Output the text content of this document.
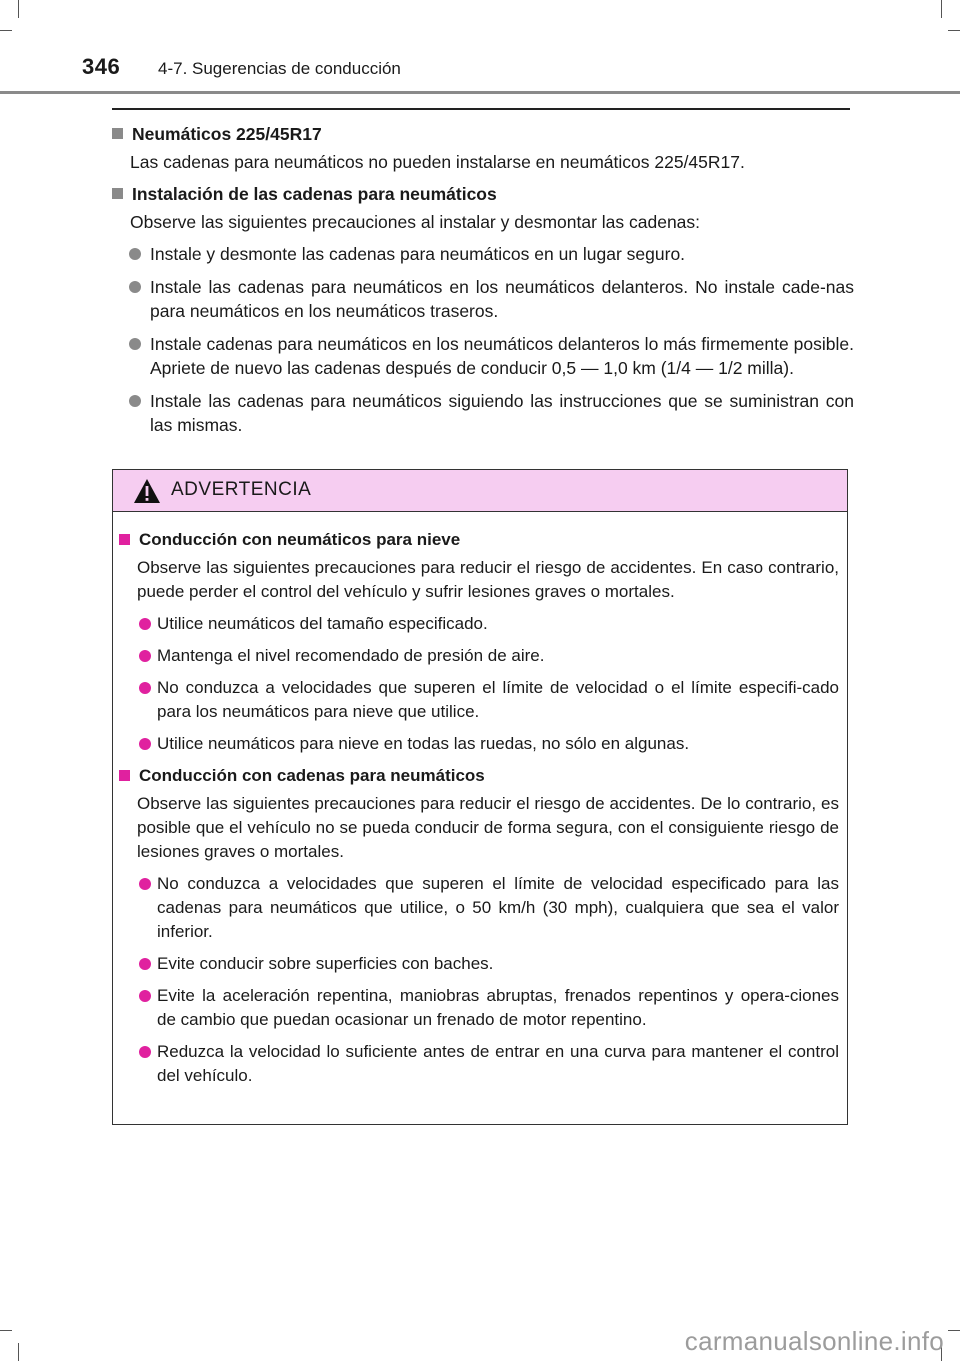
346 4-7. Sugerencias de conducción
Neumáticos 225/45R17
Las cadenas para neumáticos no pueden instalarse en neumáticos 225/45R17.
Instalación de las cadenas para neumáticos
Observe las siguientes precauciones al instalar y desmontar las cadenas:
Instale y desmonte las cadenas para neumáticos en un lugar seguro.
Instale las cadenas para neumáticos en los neumáticos delanteros. No instale cade-nas para neumáticos en los neumáticos traseros.
Instale cadenas para neumáticos en los neumáticos delanteros lo más firmemente posible. Apriete de nuevo las cadenas después de conducir 0,5 — 1,0 km (1/4 — 1/2 milla).
Instale las cadenas para neumáticos siguiendo las instrucciones que se suministran con las mismas.
ADVERTENCIA
Conducción con neumáticos para nieve
Observe las siguientes precauciones para reducir el riesgo de accidentes. En caso contrario, puede perder el control del vehículo y sufrir lesiones graves o mortales.
Utilice neumáticos del tamaño especificado.
Mantenga el nivel recomendado de presión de aire.
No conduzca a velocidades que superen el límite de velocidad o el límite especifi-cado para los neumáticos para nieve que utilice.
Utilice neumáticos para nieve en todas las ruedas, no sólo en algunas.
Conducción con cadenas para neumáticos
Observe las siguientes precauciones para reducir el riesgo de accidentes. De lo contrario, es posible que el vehículo no se pueda conducir de forma segura, con el consiguiente riesgo de lesiones graves o mortales.
No conduzca a velocidades que superen el límite de velocidad especificado para las cadenas para neumáticos que utilice, o 50 km/h (30 mph), cualquiera que sea el valor inferior.
Evite conducir sobre superficies con baches.
Evite la aceleración repentina, maniobras abruptas, frenados repentinos y opera-ciones de cambio que puedan ocasionar un frenado de motor repentino.
Reduzca la velocidad lo suficiente antes de entrar en una curva para mantener el control del vehículo.
carmanualsonline.info
